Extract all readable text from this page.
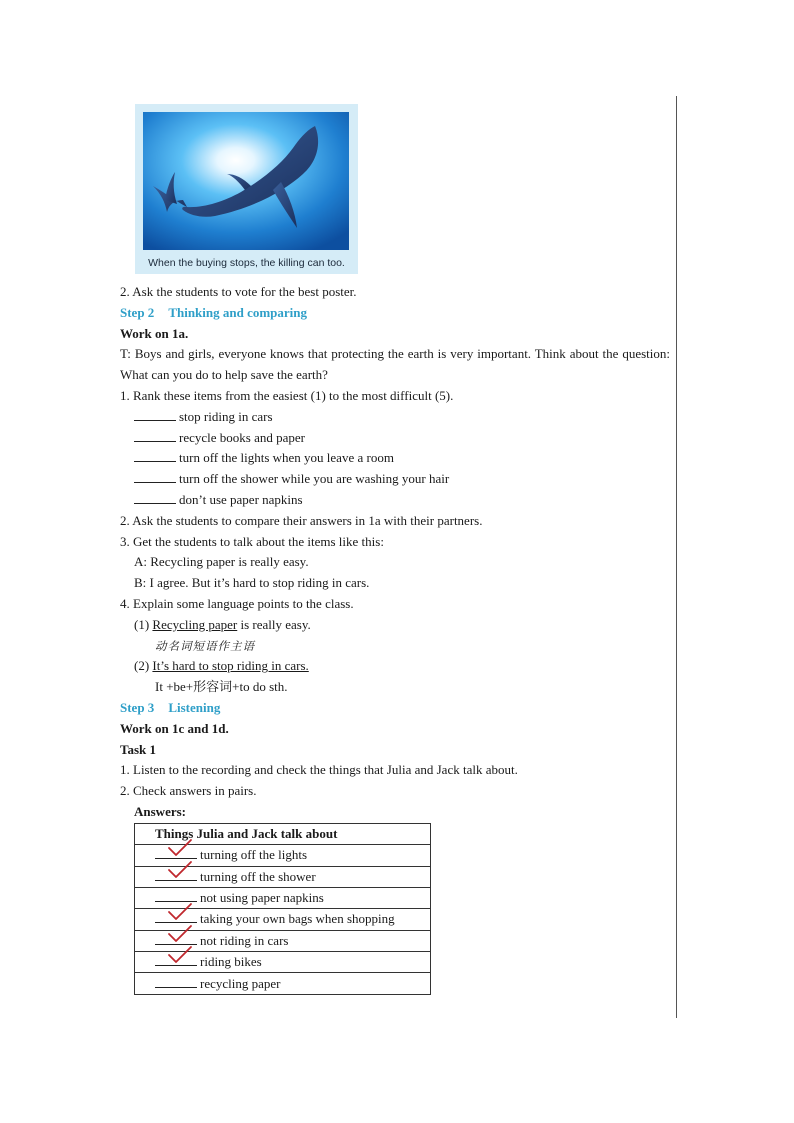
When the buying stops, the killing can too.
2. Ask the students to vote for the best poster.
Step 2 Thinking and comparing
Work on 1a.
T: Boys and girls, everyone knows that protecting the earth is very important. Think about the question: What can you do to help save the earth?
1. Rank these items from the easiest (1) to the most difficult (5).
stop riding in cars
recycle books and paper
turn off the lights when you leave a room
turn off the shower while you are washing your hair
don’t use paper napkins
2. Ask the students to compare their answers in 1a with their partners.
3. Get the students to talk about the items like this:
A: Recycling paper is really easy.
B: I agree. But it’s hard to stop riding in cars.
4. Explain some language points to the class.
(1) Recycling paper is really easy.
动名词短语作主语
(2) It’s hard to stop riding in cars.
It +be+形容词+to do sth.
Step 3 Listening
Work on 1c and 1d.
Task 1
1. Listen to the recording and check the things that Julia and Jack talk about.
2. Check answers in pairs.
Answers:
Things Julia and Jack talk about

turning off the lights

turning off the shower
not using paper napkins

taking your own bags when shopping

not riding in cars

riding bikes
recycling paper
